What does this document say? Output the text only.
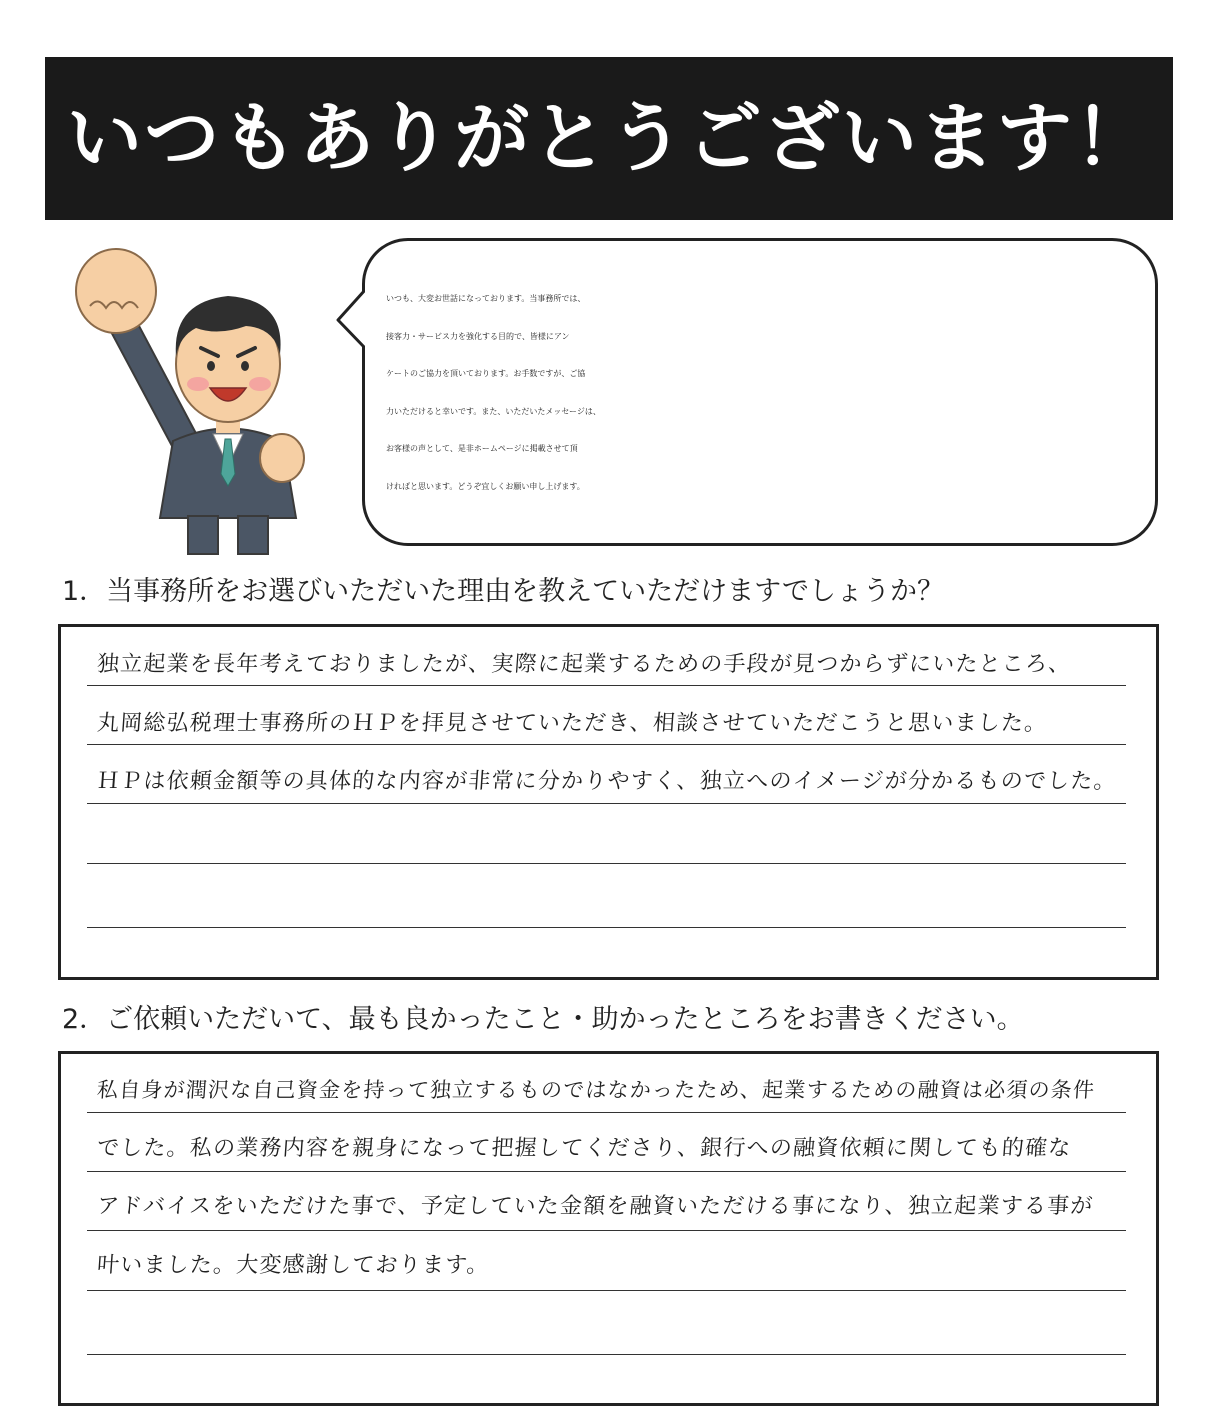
いつもありがとうございます！
いつも、大変お世話になっております。当事務所では、
接客力・サービス力を強化する目的で、皆様にアン
ケートのご協力を頂いております。お手数ですが、ご協
力いただけると幸いです。また、いただいたメッセージは、
お客様の声として、是非ホームページに掲載させて頂
ければと思います。どうぞ宜しくお願い申し上げます。
1．当事務所をお選びいただいた理由を教えていただけますでしょうか？
独立起業を長年考えておりましたが、実際に起業するための手段が見つからずにいたところ、
丸岡総弘税理士事務所のＨＰを拝見させていただき、相談させていただこうと思いました。
ＨＰは依頼金額等の具体的な内容が非常に分かりやすく、独立へのイメージが分かるものでした。
2．ご依頼いただいて、最も良かったこと・助かったところをお書きください。
私自身が潤沢な自己資金を持って独立するものではなかったため、起業するための融資は必須の条件
でした。私の業務内容を親身になって把握してくださり、銀行への融資依頼に関しても的確な
アドバイスをいただけた事で、予定していた金額を融資いただける事になり、独立起業する事が
叶いました。大変感謝しております。
